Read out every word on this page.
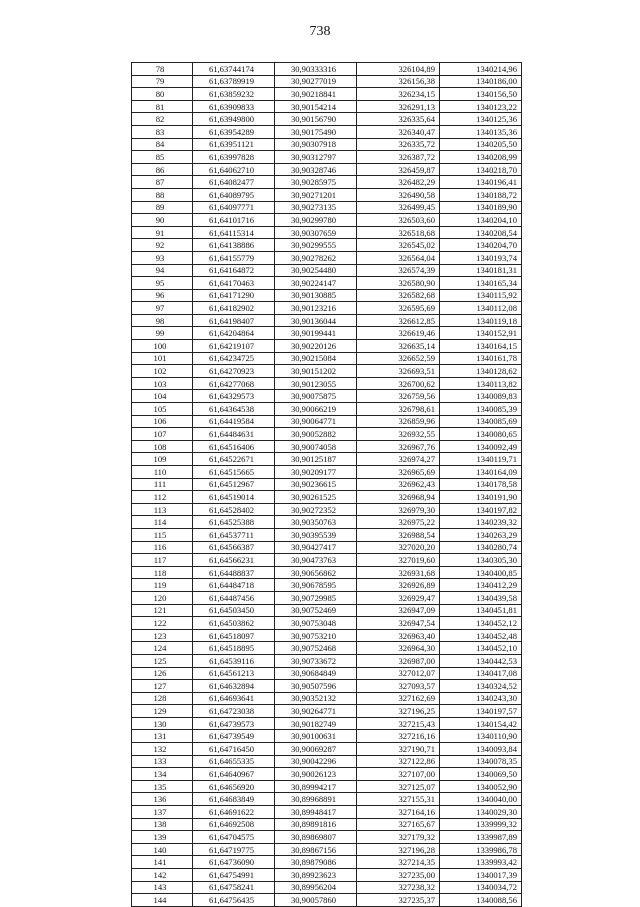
738
78	61,63744174	30,90333316	326104,89	1340214,96
79	61,63789919	30,90277019	326156,38	1340186,00
80	61,63859232	30,90218841	326234,15	1340156,50
81	61,63909833	30,90154214	326291,13	1340123,22
82	61,63949800	30,90156790	326335,64	1340125,36
83	61,63954289	30,90175490	326340,47	1340135,36
84	61,63951121	30,90307918	326335,72	1340205,50
85	61,63997828	30,90312797	326387,72	1340208,99
86	61,64062710	30,90328746	326459,87	1340218,70
87	61,64082477	30,90285975	326482,29	1340196,41
88	61,64089795	30,90271201	326490,58	1340188,72
89	61,64097771	30,90273135	326499,45	1340189,90
90	61,64101716	30,90299780	326503,60	1340204,10
91	61,64115314	30,90307659	326518,68	1340208,54
92	61,64138886	30,90299555	326545,02	1340204,70
93	61,64155779	30,90278262	326564,04	1340193,74
94	61,64164872	30,90254480	326574,39	1340181,31
95	61,64170463	30,90224147	326580,90	1340165,34
96	61,64171290	30,90130885	326582,68	1340115,92
97	61,64182902	30,90123216	326595,69	1340112,08
98	61,64198407	30,90136044	326612,85	1340119,18
99	61,64204864	30,90199441	326619,46	1340152,91
100	61,64219107	30,90220126	326635,14	1340164,15
101	61,64234725	30,90215084	326652,59	1340161,78
102	61,64270923	30,90151202	326693,51	1340128,62
103	61,64277068	30,90123055	326700,62	1340113,82
104	61,64329573	30,90075875	326759,56	1340089,83
105	61,64364538	30,90066219	326798,61	1340085,39
106	61,64419584	30,90064771	326859,96	1340085,69
107	61,64484631	30,90052882	326932,55	1340080,65
108	61,64516406	30,90074058	326967,76	1340092,49
109	61,64522671	30,90125187	326974,27	1340119,71
110	61,64515665	30,90209177	326965,69	1340164,09
111	61,64512967	30,90236615	326962,43	1340178,58
112	61,64519014	30,90261525	326968,94	1340191,90
113	61,64528402	30,90272352	326979,30	1340197,82
114	61,64525388	30,90350763	326975,22	1340239,32
115	61,64537711	30,90395539	326988,54	1340263,29
116	61,64566387	30,90427417	327020,20	1340280,74
117	61,64566231	30,90473763	327019,60	1340305,30
118	61,64488837	30,90656862	326931,68	1340400,85
119	61,64484718	30,90678595	326926,89	1340412,29
120	61,64487456	30,90729985	326929,47	1340439,58
121	61,64503450	30,90752469	326947,09	1340451,81
122	61,64503862	30,90753048	326947,54	1340452,12
123	61,64518097	30,90753210	326963,40	1340452,48
124	61,64518895	30,90752468	326964,30	1340452,10
125	61,64539116	30,90733672	326987,00	1340442,53
126	61,64561213	30,90684849	327012,07	1340417,08
127	61,64632894	30,90507596	327093,57	1340324,52
128	61,64693641	30,90352132	327162,69	1340243,30
129	61,64723038	30,90264771	327196,25	1340197,57
130	61,64739573	30,90182749	327215,43	1340154,42
131	61,64739549	30,90100631	327216,16	1340110,90
132	61,64716450	30,90069287	327190,71	1340093,84
133	61,64655335	30,90042296	327122,86	1340078,35
134	61,64640967	30,90026123	327107,00	1340069,50
135	61,64656920	30,89994217	327125,07	1340052,90
136	61,64683849	30,89968891	327155,31	1340040,00
137	61,64691622	30,89948417	327164,16	1340029,30
138	61,64692508	30,89891816	327165,67	1339999,32
139	61,64704575	30,89869807	327179,32	1339987,89
140	61,64719775	30,89867156	327196,28	1339986,78
141	61,64736090	30,89879086	327214,35	1339993,42
142	61,64754991	30,89923623	327235,00	1340017,39
143	61,64758241	30,89956204	327238,32	1340034,72
144	61,64756435	30,90057860	327235,37	1340088,56
